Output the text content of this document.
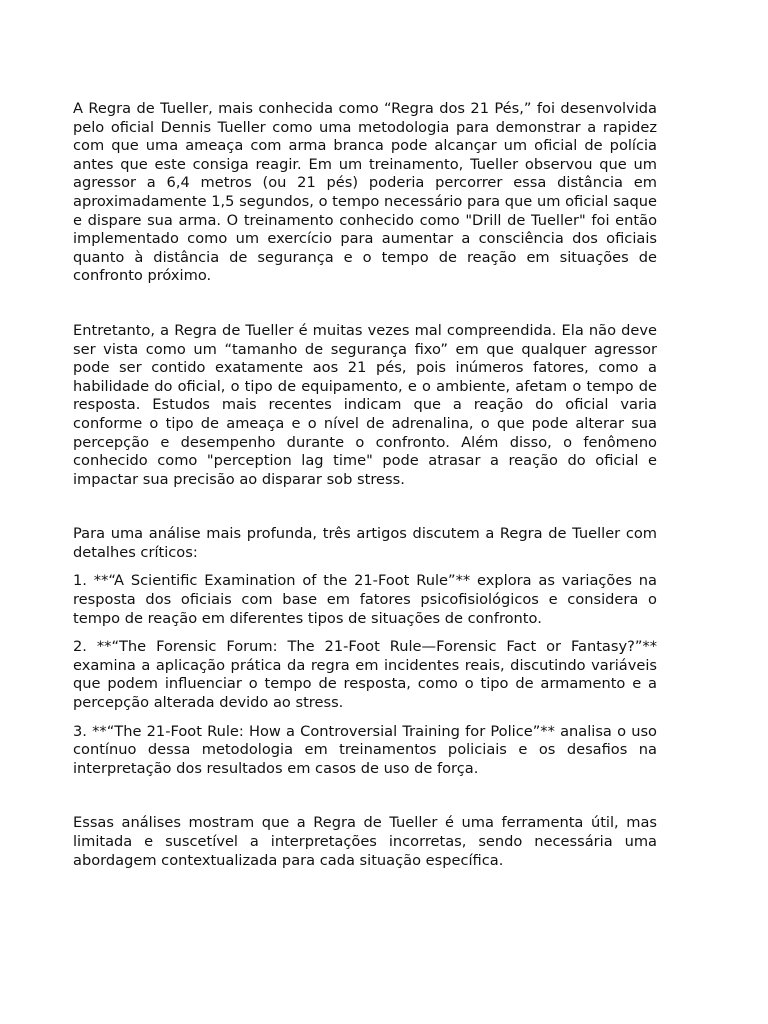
A Regra de Tueller, mais conhecida como “Regra dos 21 Pés,” foi desenvolvida pelo oficial Dennis Tueller como uma metodologia para demonstrar a rapidez com que uma ameaça com arma branca pode alcançar um oficial de polícia antes que este consiga reagir. Em um treinamento, Tueller observou que um agressor a 6,4 metros (ou 21 pés) poderia percorrer essa distância em aproximadamente 1,5 segundos, o tempo necessário para que um oficial saque e dispare sua arma. O treinamento conhecido como "Drill de Tueller" foi então implementado como um exercício para aumentar a consciência dos oficiais quanto à distância de segurança e o tempo de reação em situações de confronto próximo.

Entretanto, a Regra de Tueller é muitas vezes mal compreendida. Ela não deve ser vista como um “tamanho de segurança fixo” em que qualquer agressor pode ser contido exatamente aos 21 pés, pois inúmeros fatores, como a habilidade do oficial, o tipo de equipamento, e o ambiente, afetam o tempo de resposta. Estudos mais recentes indicam que a reação do oficial varia conforme o tipo de ameaça e o nível de adrenalina, o que pode alterar sua percepção e desempenho durante o confronto. Além disso, o fenômeno conhecido como "perception lag time" pode atrasar a reação do oficial e impactar sua precisão ao disparar sob stress.

Para uma análise mais profunda, três artigos discutem a Regra de Tueller com detalhes críticos:

1. **“A Scientific Examination of the 21-Foot Rule”** explora as variações na resposta dos oficiais com base em fatores psicofisiológicos e considera o tempo de reação em diferentes tipos de situações de confronto.

2. **“The Forensic Forum: The 21-Foot Rule—Forensic Fact or Fantasy?”** examina a aplicação prática da regra em incidentes reais, discutindo variáveis que podem influenciar o tempo de resposta, como o tipo de armamento e a percepção alterada devido ao stress.

3. **“The 21-Foot Rule: How a Controversial Training for Police”** analisa o uso contínuo dessa metodologia em treinamentos policiais e os desafios na interpretação dos resultados em casos de uso de força.

Essas análises mostram que a Regra de Tueller é uma ferramenta útil, mas limitada e suscetível a interpretações incorretas, sendo necessária uma abordagem contextualizada para cada situação específica.
